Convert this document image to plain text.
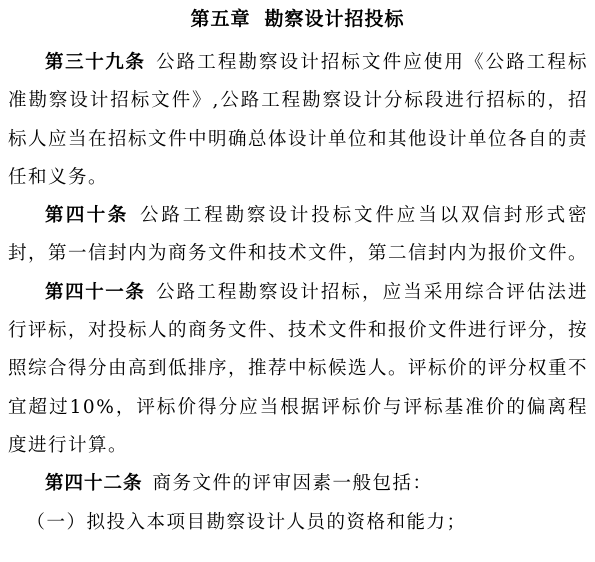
第五章 勘察设计招投标

第三十九条 公路工程勘察设计招标文件应使用《公路工程标准勘察设计招标文件》,公路工程勘察设计分标段进行招标的，招标人应当在招标文件中明确总体设计单位和其他设计单位各自的责任和义务。

第四十条 公路工程勘察设计投标文件应当以双信封形式密封，第一信封内为商务文件和技术文件，第二信封内为报价文件。

第四十一条 公路工程勘察设计招标，应当采用综合评估法进行评标，对投标人的商务文件、技术文件和报价文件进行评分，按照综合得分由高到低排序，推荐中标候选人。评标价的评分权重不宜超过10%，评标价得分应当根据评标价与评标基准价的偏离程度进行计算。

第四十二条 商务文件的评审因素一般包括：

（一）拟投入本项目勘察设计人员的资格和能力；
